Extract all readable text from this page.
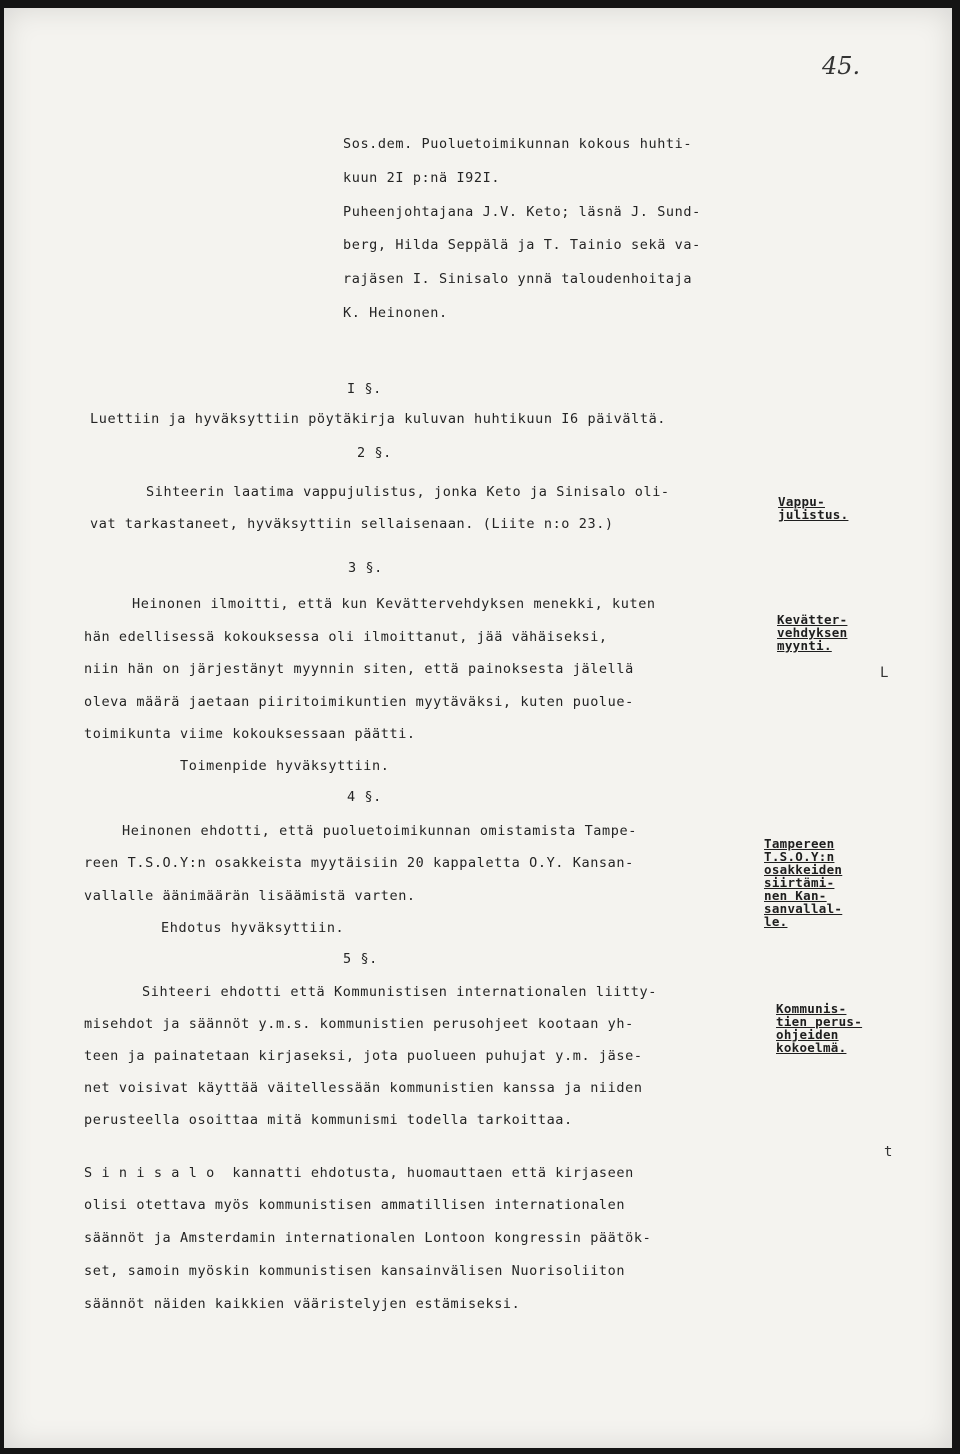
45.
Sos.dem. Puoluetoimikunnan kokous huhti-
kuun 2I p:nä I92I.
Puheenjohtajana J.V. Keto; läsnä J. Sund-
berg, Hilda Seppälä ja T. Tainio sekä va-
rajäsen I. Sinisalo ynnä taloudenhoitaja
K. Heinonen.
I §.
Luettiin ja hyväksyttiin pöytäkirja kuluvan huhtikuun I6 päivältä.
2 §.
Sihteerin laatima vappujulistus, jonka Keto ja Sinisalo oli-
vat tarkastaneet, hyväksyttiin sellaisenaan. (Liite n:o 23.)
3 §.
Heinonen ilmoitti, että kun Kevättervehdyksen menekki, kuten
hän edellisessä kokouksessa oli ilmoittanut, jää vähäiseksi,
niin hän on järjestänyt myynnin siten, että painoksesta jälellä
oleva määrä jaetaan piiritoimikuntien myytäväksi, kuten puolue-
toimikunta viime kokouksessaan päätti.
Toimenpide hyväksyttiin.
4 §.
Heinonen ehdotti, että puoluetoimikunnan omistamista Tampe-
reen T.S.O.Y:n osakkeista myytäisiin 20 kappaletta O.Y. Kansan-
vallalle äänimäärän lisäämistä varten.
Ehdotus hyväksyttiin.
5 §.
Sihteeri ehdotti että Kommunistisen internationalen liitty-
misehdot ja säännöt y.m.s. kommunistien perusohjeet kootaan yh-
teen ja painatetaan kirjaseksi, jota puolueen puhujat y.m. jäse-
net voisivat käyttää väitellessään kommunistien kanssa ja niiden
perusteella osoittaa mitä kommunismi todella tarkoittaa.
S i n i s a l o  kannatti ehdotusta, huomauttaen että kirjaseen
olisi otettava myös kommunistisen ammatillisen internationalen
säännöt ja Amsterdamin internationalen Lontoon kongressin päätök-
set, samoin myöskin kommunistisen kansainvälisen Nuorisoliiton
säännöt näiden kaikkien vääristelyjen estämiseksi.
Vappu-
julistus.
Kevätter-
vehdyksen
myynti.
Tampereen
T.S.O.Y:n
osakkeiden
siirtämi-
nen Kan-
sanvallal-
le.
Kommunis-
tien perus-
ohjeiden
kokoelmä.
L
t
